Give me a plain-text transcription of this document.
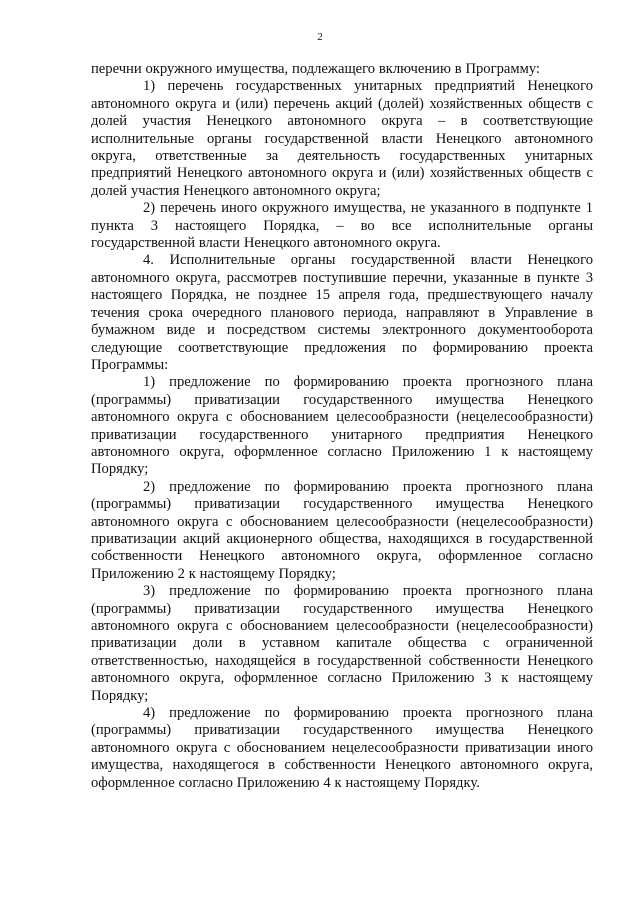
2

перечни окружного имущества, подлежащего включению в Программу:

1) перечень государственных унитарных предприятий Ненецкого автономного округа и (или) перечень акций (долей) хозяйственных обществ с долей участия Ненецкого автономного округа – в соответствующие исполнительные органы государственной власти Ненецкого автономного округа, ответственные за деятельность государственных унитарных предприятий Ненецкого автономного округа и (или) хозяйственных обществ с долей участия Ненецкого автономного округа;

2) перечень иного окружного имущества, не указанного в подпункте 1 пункта 3 настоящего Порядка, – во все исполнительные органы государственной власти Ненецкого автономного округа.

4. Исполнительные органы государственной власти Ненецкого автономного округа, рассмотрев поступившие перечни, указанные в пункте 3 настоящего Порядка, не позднее 15 апреля года, предшествующего началу течения срока очередного планового периода, направляют в Управление в бумажном виде и посредством системы электронного документооборота следующие соответствующие предложения по формированию проекта Программы:

1) предложение по формированию проекта прогнозного плана (программы) приватизации государственного имущества Ненецкого автономного округа с обоснованием целесообразности (нецелесообразности) приватизации государственного унитарного предприятия Ненецкого автономного округа, оформленное согласно Приложению 1 к настоящему Порядку;

2) предложение по формированию проекта прогнозного плана (программы) приватизации государственного имущества Ненецкого автономного округа с обоснованием целесообразности (нецелесообразности) приватизации акций акционерного общества, находящихся в государственной собственности Ненецкого автономного округа, оформленное согласно Приложению 2 к настоящему Порядку;

3) предложение по формированию проекта прогнозного плана (программы) приватизации государственного имущества Ненецкого автономного округа с обоснованием целесообразности (нецелесообразности) приватизации доли в уставном капитале общества с ограниченной ответственностью, находящейся в государственной собственности Ненецкого автономного округа, оформленное согласно Приложению 3 к настоящему Порядку;

4) предложение по формированию проекта прогнозного плана (программы) приватизации государственного имущества Ненецкого автономного округа с обоснованием нецелесообразности приватизации иного имущества, находящегося в собственности Ненецкого автономного округа, оформленное согласно Приложению 4 к настоящему Порядку.
